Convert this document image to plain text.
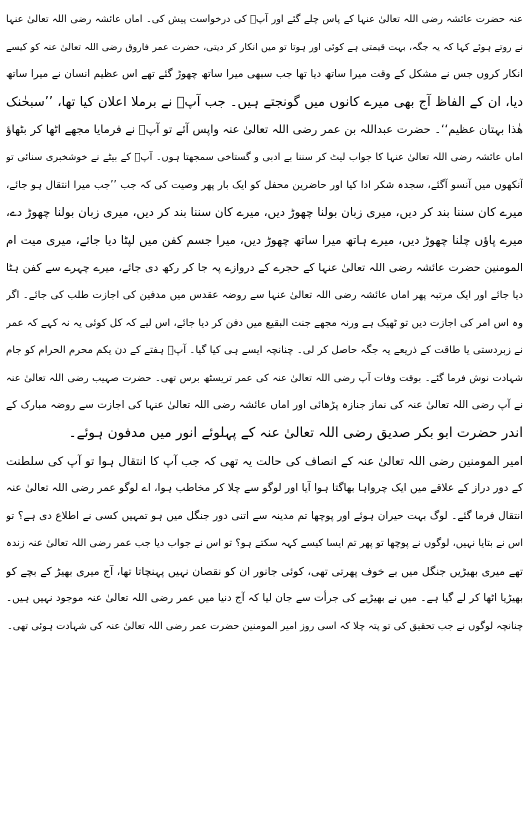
عنہ حضرت عائشہ رضی اللہ تعالیٰ عنہا کے پاس چلے گئے اور آپؓ کی درخواست پیش کی۔ اماں عائشہ رضی اللہ تعالیٰ عنہا
نے روتے ہوئے کہا کہ یہ جگہ، بہت قیمتی ہے کوئی اور ہوتا تو میں انکار کر دیتی، حضرت عمر فاروق رضی اللہ تعالیٰ عنہ کو کیسے
انکار کروں جس نے مشکل کے وقت میرا ساتھ دیا تھا جب سبھی میرا ساتھ چھوڑ گئے تھے اس عظیم انسان نے میرا ساتھ
دیا، ان کے الفاظ آج بھی میرے کانوں میں گونجتے ہیں۔ جب آپؓ نے برملا اعلان کیا تھا، ’’سبحٰنک
ھٰذا بہتان عظیم‘‘۔ حضرت عبداللہ بن عمر رضی اللہ تعالیٰ عنہ واپس آئے تو آپؓ نے فرمایا مجھے اٹھا کر بٹھاؤ
اماں عائشہ رضی اللہ تعالیٰ عنہا کا جواب لیٹ کر سننا بے ادبی و گستاخی سمجھتا ہوں۔ آپؓ کے بیٹے نے خوشخبری سنائی تو
آنکھوں میں آنسو آگئے، سجدہ شکر ادا کیا اور حاضرین محفل کو ایک بار پھر وصیت کی کہ جب ’’جب میرا انتقال ہو جائے،
میرے کان سننا بند کر دیں، میری زبان بولنا چھوڑ دیں، میرے کان سننا بند کر دیں، میری زبان بولنا چھوڑ دے،
میرے پاؤں چلنا چھوڑ دیں، میرے ہاتھ میرا ساتھ چھوڑ دیں، میرا جسم کفن میں لپٹا دیا جائے، میری میت ام
المومنین حضرت عائشہ رضی اللہ تعالیٰ عنہا کے حجرے کے دروازے پہ جا کر رکھ دی جائے، میرے چہرے سے کفن ہٹا
دیا جائے اور ایک مرتبہ پھر اماں عائشہ رضی اللہ تعالیٰ عنہا سے روضہ عقدس میں مدفین کی اجازت طلب کی جائے۔ اگر
وہ اس امر کی اجازت دیں تو ٹھیک ہے ورنہ مجھے جنت البقیع میں دفن کر دیا جائے، اس لیے کہ کل کوئی یہ نہ کہے کہ عمر
نے زبردستی یا طاقت کے ذریعے یہ جگہ حاصل کر لی۔ چنانچہ ایسے ہی کیا گیا۔ آپؓ ہفتے کے دن یکم محرم الحرام کو جام
شہادت نوش فرما گئے۔ بوقت وفات آپ رضی اللہ تعالیٰ عنہ کی عمر تریسٹھ برس تھی۔ حضرت صہیب رضی اللہ تعالیٰ عنہ
نے آپ رضی اللہ تعالیٰ عنہ کی نماز جنازہ پڑھائی اور اماں عائشہ رضی اللہ تعالیٰ عنہا کی اجازت سے روضہ مبارک کے
اندر حضرت ابو بکر صدیق رضی اللہ تعالیٰ عنہ کے پہلوئے انور میں مدفون ہوئے۔
امیر المومنین رضی اللہ تعالیٰ عنہ کے انصاف کی حالت یہ تھی کہ جب آپ کا انتقال ہوا تو آپ کی سلطنت
کے دور دراز کے علاقے میں ایک چرواہا بھاگتا ہوا آیا اور لوگو سے چلا کر مخاطب ہوا، اے لوگو عمر رضی اللہ تعالیٰ عنہ
انتقال فرما گئے۔ لوگ بہت حیران ہوئے اور پوچھا تم مدینہ سے اتنی دور جنگل میں ہو تمہیں کسی نے اطلاع دی ہے؟ تو
اس نے بتایا نہیں، لوگوں نے پوچھا تو پھر تم ایسا کیسے کہہ سکتے ہو؟ تو اس نے جواب دیا جب عمر رضی اللہ تعالیٰ عنہ زندہ
تھے میری بھیڑیں جنگل میں بے خوف پھرتی تھی، کوئی جانور ان کو نقصان نہیں پہنچاتا تھا، آج میری بھیڑ کے بچے کو
بھیڑیا اٹھا کر لے گیا ہے۔ میں نے بھیڑیے کی جرأت سے جان لیا کہ آج دنیا میں عمر رضی اللہ تعالیٰ عنہ موجود نہیں ہیں۔
چنانچہ لوگوں نے جب تحقیق کی تو پتہ چلا کہ اسی روز امیر المومنین حضرت عمر رضی اللہ تعالیٰ عنہ کی شہادت ہوئی تھی۔
